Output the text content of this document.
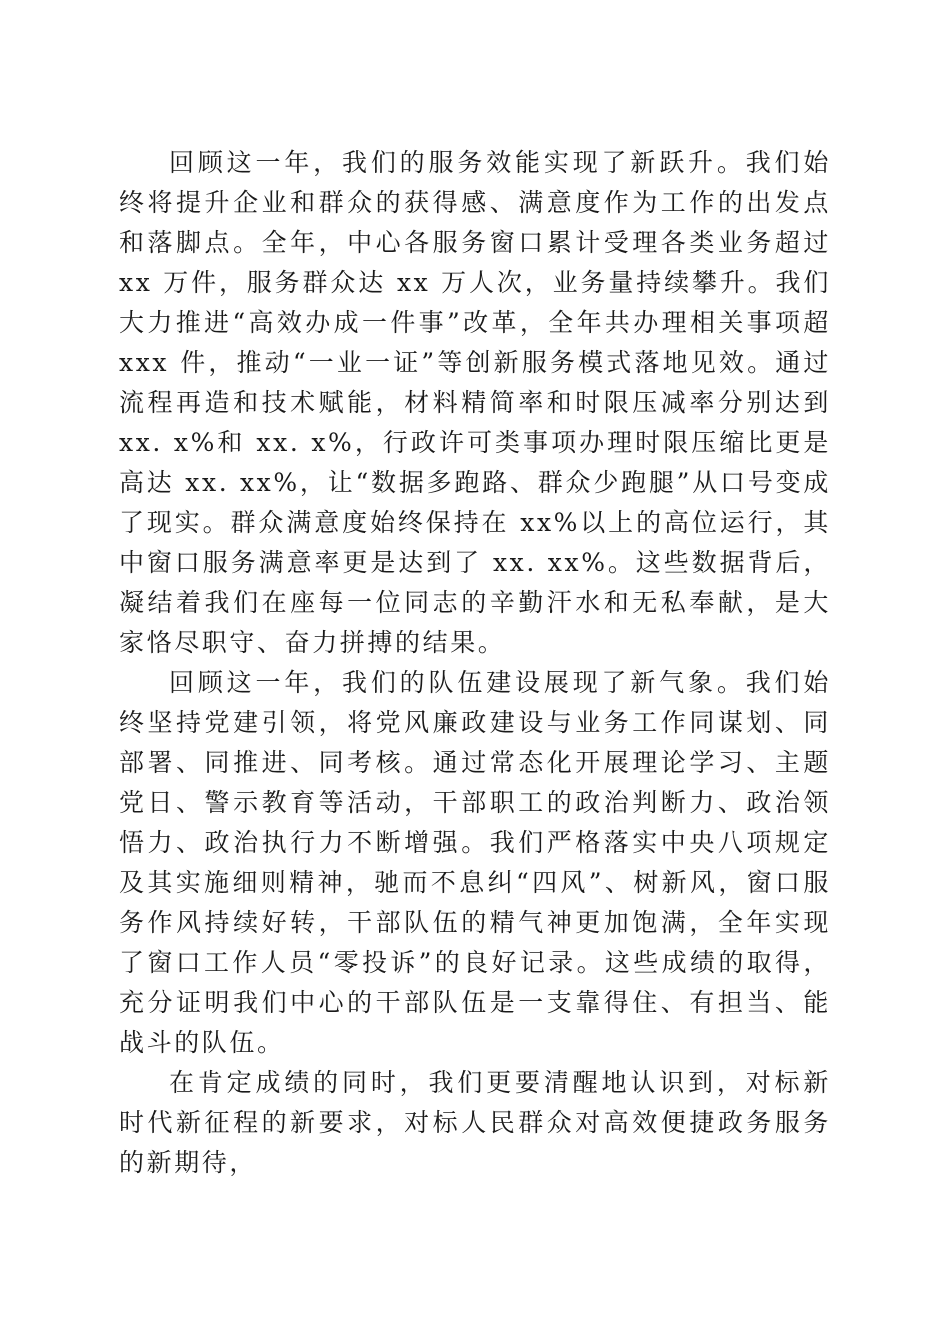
回顾这一年，我们的服务效能实现了新跃升。我们始终将提升企业和群众的获得感、满意度作为工作的出发点和落脚点。全年，中心各服务窗口累计受理各类业务超过 xx 万件，服务群众达 xx 万人次，业务量持续攀升。我们大力推进“高效办成一件事”改革，全年共办理相关事项超 xxx 件，推动“一业一证”等创新服务模式落地见效。通过流程再造和技术赋能，材料精简率和时限压减率分别达到 xx. x%和 xx. x%，行政许可类事项办理时限压缩比更是高达 xx. xx%，让“数据多跑路、群众少跑腿”从口号变成了现实。群众满意度始终保持在 xx%以上的高位运行，其中窗口服务满意率更是达到了 xx. xx%。这些数据背后，凝结着我们在座每一位同志的辛勤汗水和无私奉献，是大家恪尽职守、奋力拼搏的结果。

回顾这一年，我们的队伍建设展现了新气象。我们始终坚持党建引领，将党风廉政建设与业务工作同谋划、同部署、同推进、同考核。通过常态化开展理论学习、主题党日、警示教育等活动，干部职工的政治判断力、政治领悟力、政治执行力不断增强。我们严格落实中央八项规定及其实施细则精神，驰而不息纠“四风”、树新风，窗口服务作风持续好转，干部队伍的精气神更加饱满，全年实现了窗口工作人员“零投诉”的良好记录。这些成绩的取得，充分证明我们中心的干部队伍是一支靠得住、有担当、能战斗的队伍。

在肯定成绩的同时，我们更要清醒地认识到，对标新时代新征程的新要求，对标人民群众对高效便捷政务服务的新期待，
